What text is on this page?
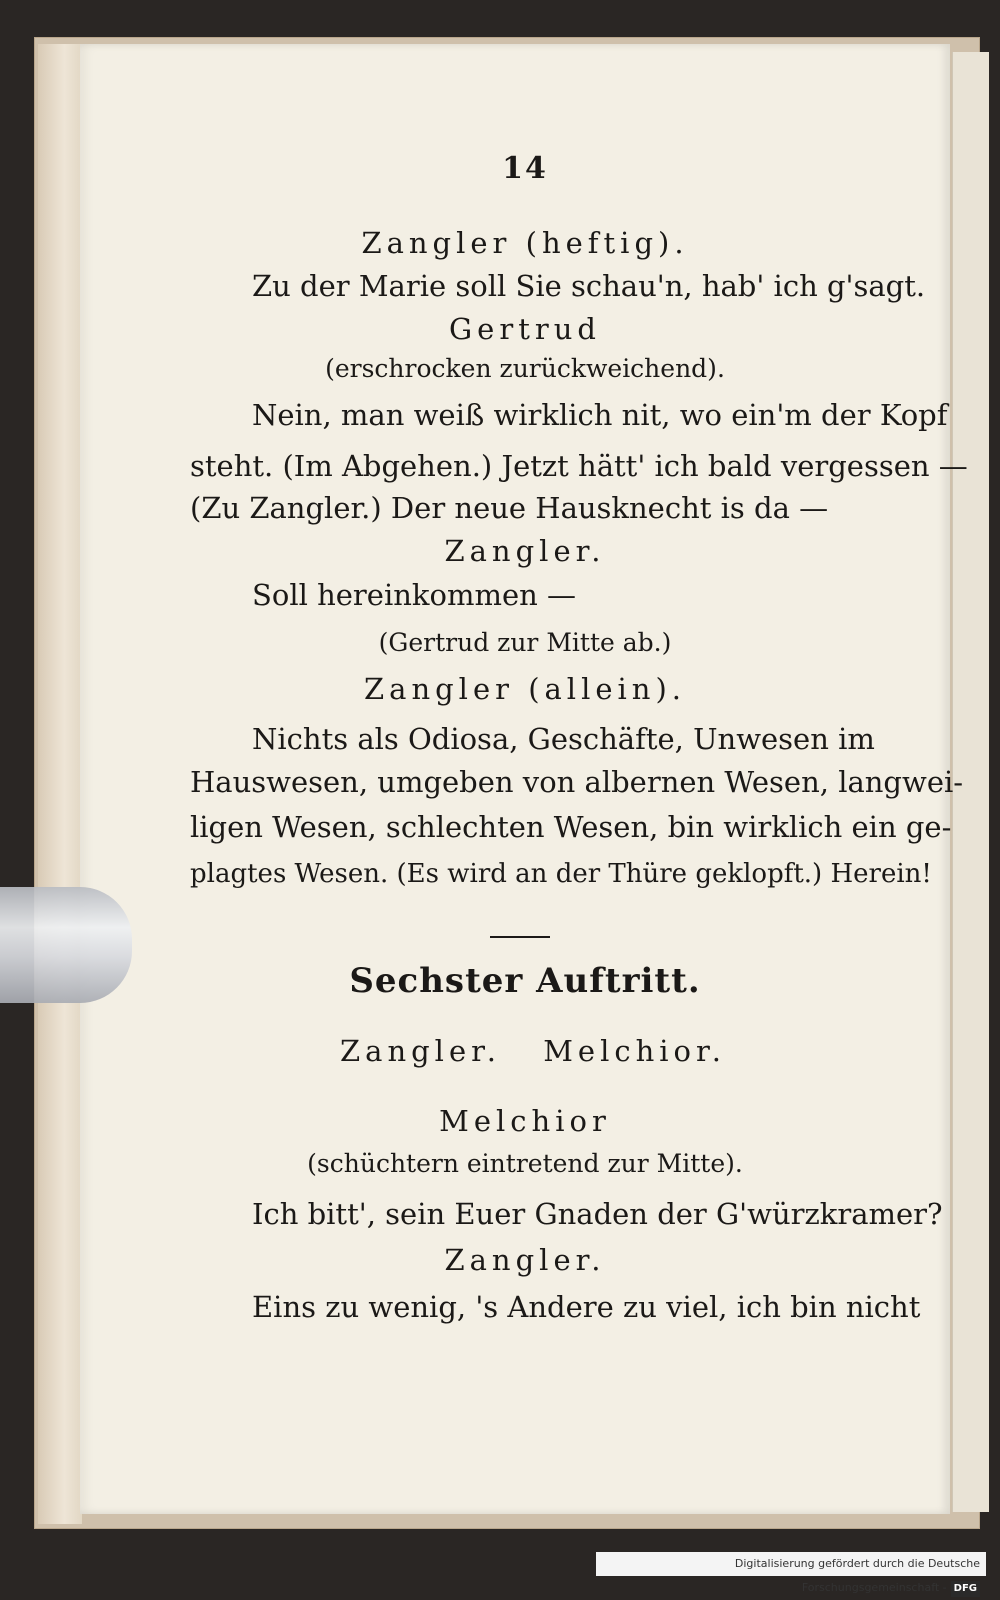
14
Zangler (heftig).
Zu der Marie soll Sie schau'n, hab' ich g'sagt.
Gertrud
(erschrocken zurückweichend).
Nein, man weiß wirklich nit, wo ein'm der Kopf
steht. (Im Abgehen.) Jetzt hätt' ich bald vergessen —
(Zu Zangler.) Der neue Hausknecht is da —
Zangler.
Soll hereinkommen —
(Gertrud zur Mitte ab.)
Zangler (allein).
Nichts als Odiosa, Geschäfte, Unwesen im
Hauswesen, umgeben von albernen Wesen, langwei-
ligen Wesen, schlechten Wesen, bin wirklich ein ge-
plagtes Wesen. (Es wird an der Thüre geklopft.) Herein!
Sechster Auftritt.
Zangler. Melchior.
Melchior
(schüchtern eintretend zur Mitte).
Ich bitt', sein Euer Gnaden der G'würzkramer?
Zangler.
Eins zu wenig, 's Andere zu viel, ich bin nicht
Digitalisierung gefördert durch die Deutsche Forschungsgemeinschaft - DFG
